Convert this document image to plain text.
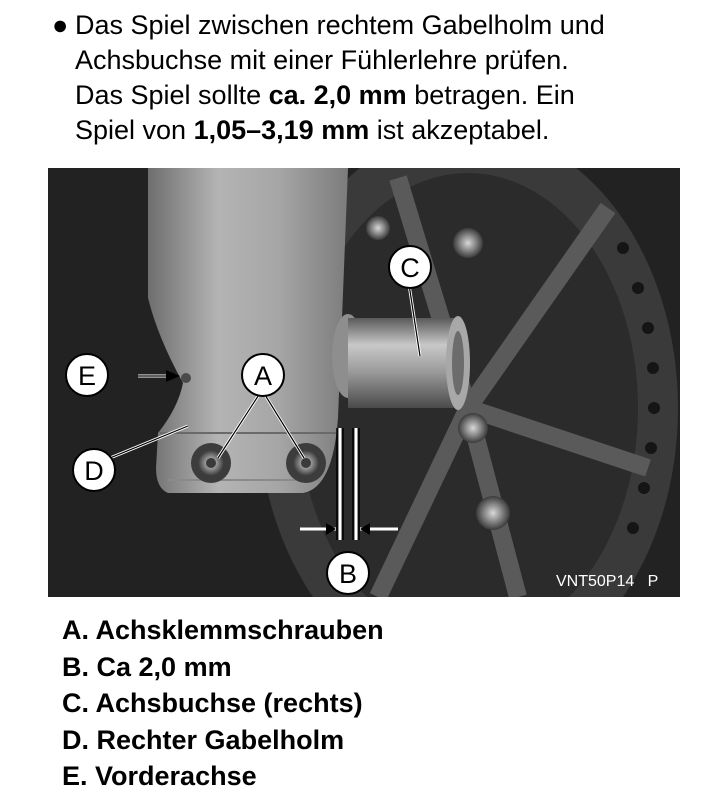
● Das Spiel zwischen rechtem Gabelholm und
Achsbuchse mit einer Fühlerlehre prüfen.
Das Spiel sollte ca. 2,0 mm betragen. Ein
Spiel von 1,05–3,19 mm ist akzeptabel.
E
D
A
C
B	VNT50P14   P
A. Achsklemmschrauben
B. Ca 2,0 mm
C. Achsbuchse (rechts)
D. Rechter Gabelholm
E. Vorderachse
